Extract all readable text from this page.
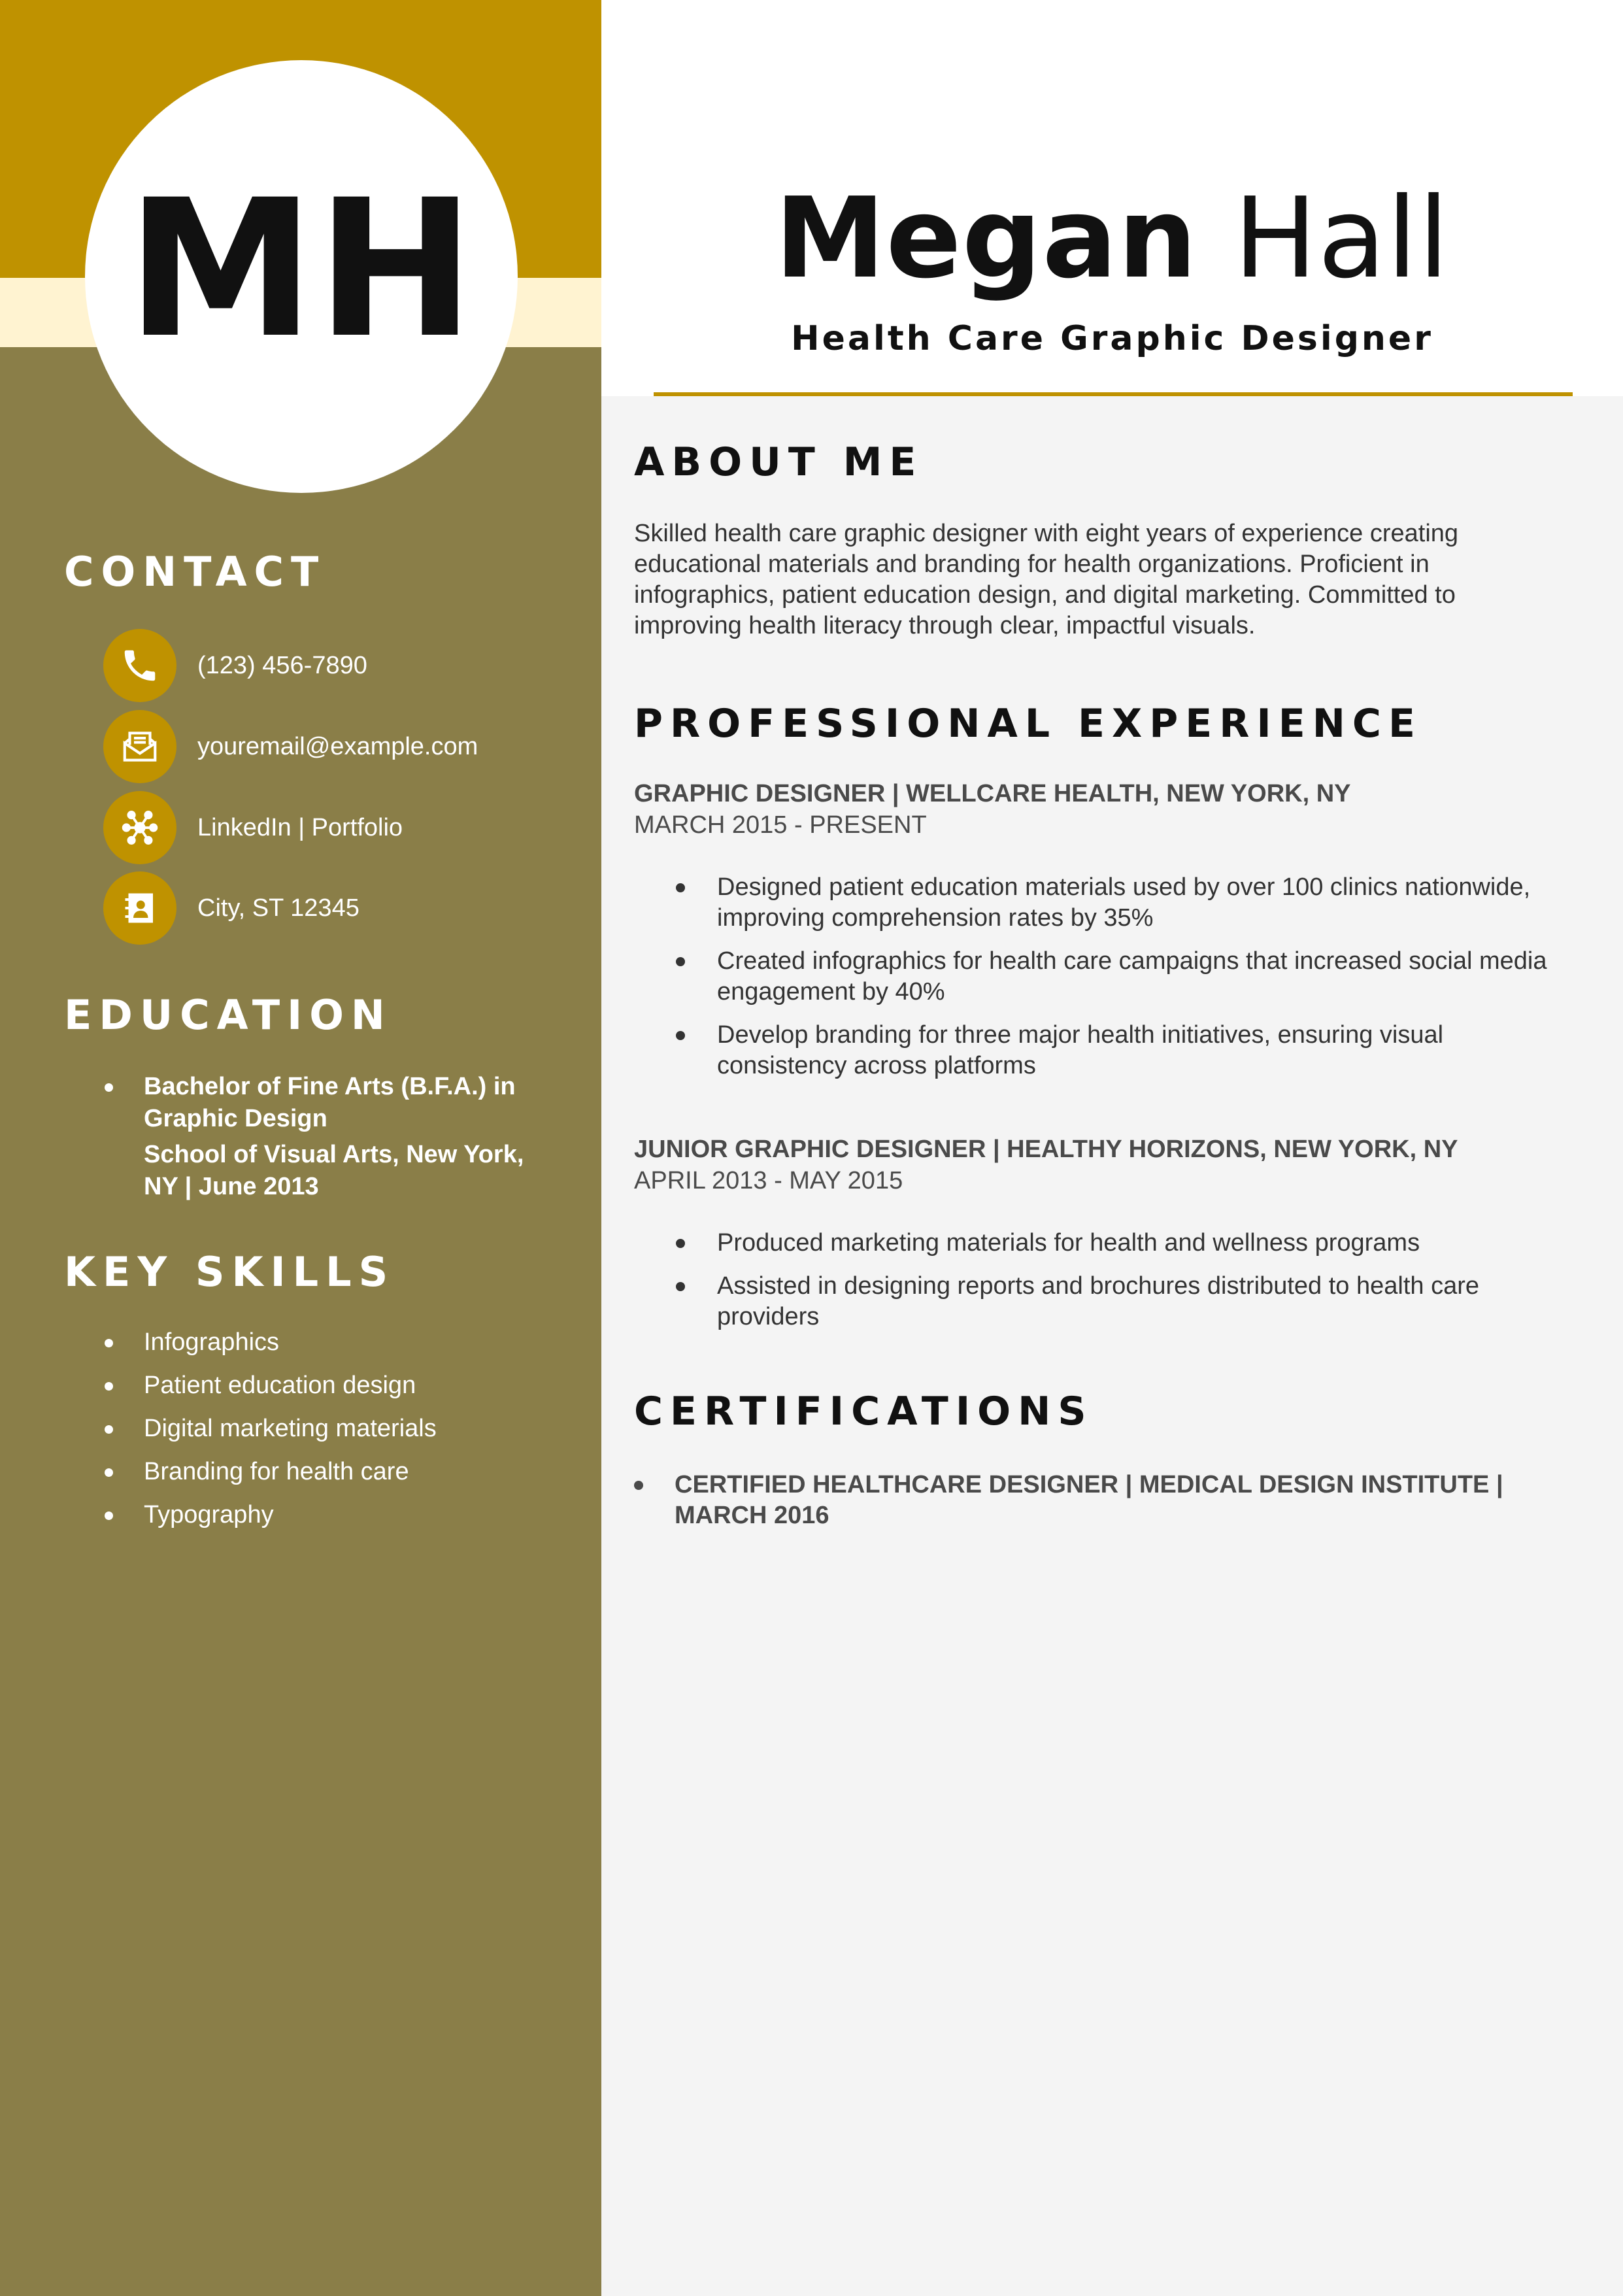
MH
CONTACT
(123) 456-7890
youremail@example.com
LinkedIn | Portfolio
City, ST 12345
EDUCATION
Bachelor of Fine Arts (B.F.A.) in Graphic Design
School of Visual Arts, New York, NY | June 2013
KEY SKILLS
Infographics
Patient education design
Digital marketing materials
Branding for health care
Typography
Megan Hall
Health Care Graphic Designer
ABOUT ME

Skilled health care graphic designer with eight years of experience creating educational materials and branding for health organizations. Proficient in infographics, patient education design, and digital marketing. Committed to improving health literacy through clear, impactful visuals.

PROFESSIONAL EXPERIENCE
GRAPHIC DESIGNER | WELLCARE HEALTH, NEW YORK, NY
MARCH 2015 - PRESENT
Designed patient education materials used by over 100 clinics nationwide, improving comprehension rates by 35%
Created infographics for health care campaigns that increased social media engagement by 40%
Develop branding for three major health initiatives, ensuring visual consistency across platforms
JUNIOR GRAPHIC DESIGNER | HEALTHY HORIZONS, NEW YORK, NY
APRIL 2013 - MAY 2015
Produced marketing materials for health and wellness programs
Assisted in designing reports and brochures distributed to health care providers
CERTIFICATIONS
CERTIFIED HEALTHCARE DESIGNER | MEDICAL DESIGN INSTITUTE | MARCH 2016
